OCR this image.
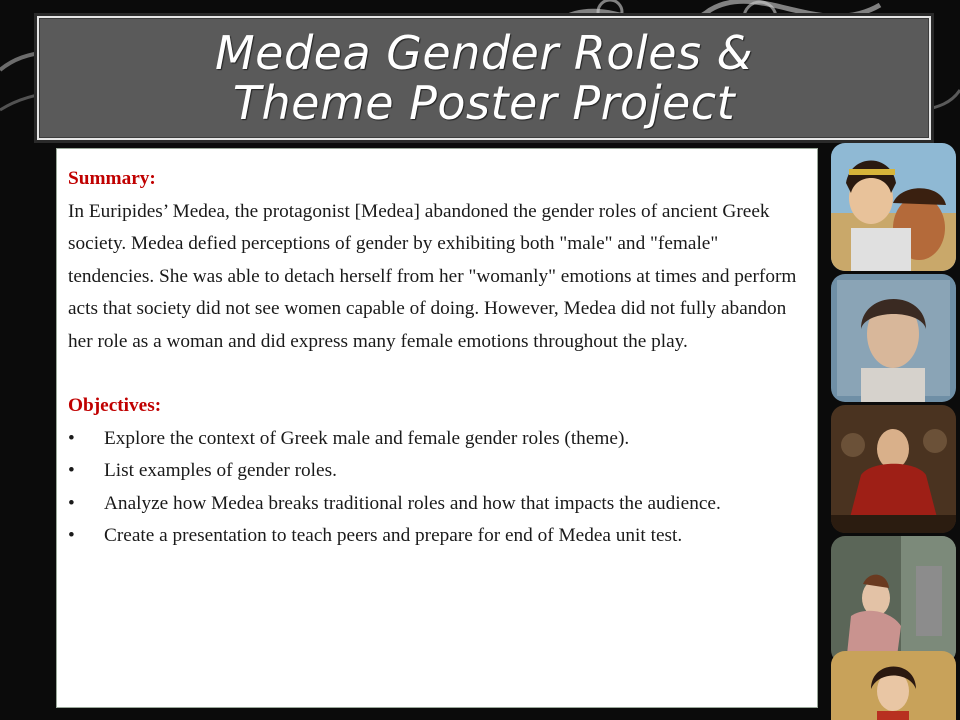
Medea Gender Roles &
Theme Poster Project
Summary:

In Euripides’ Medea, the protagonist [Medea] abandoned the gender roles of ancient Greek society. Medea defied perceptions of gender by exhibiting both "male" and "female" tendencies. She was able to detach herself from her "womanly" emotions at times and perform acts that society did not see women capable of doing. However, Medea did not fully abandon her role as a woman and did express many female emotions throughout the play.

Objectives:
• Explore the context of Greek male and female gender roles (theme).
• List examples of gender roles.
• Analyze how Medea breaks traditional roles and how that impacts the audience.
• Create a presentation to teach peers and prepare for end of Medea unit test.
